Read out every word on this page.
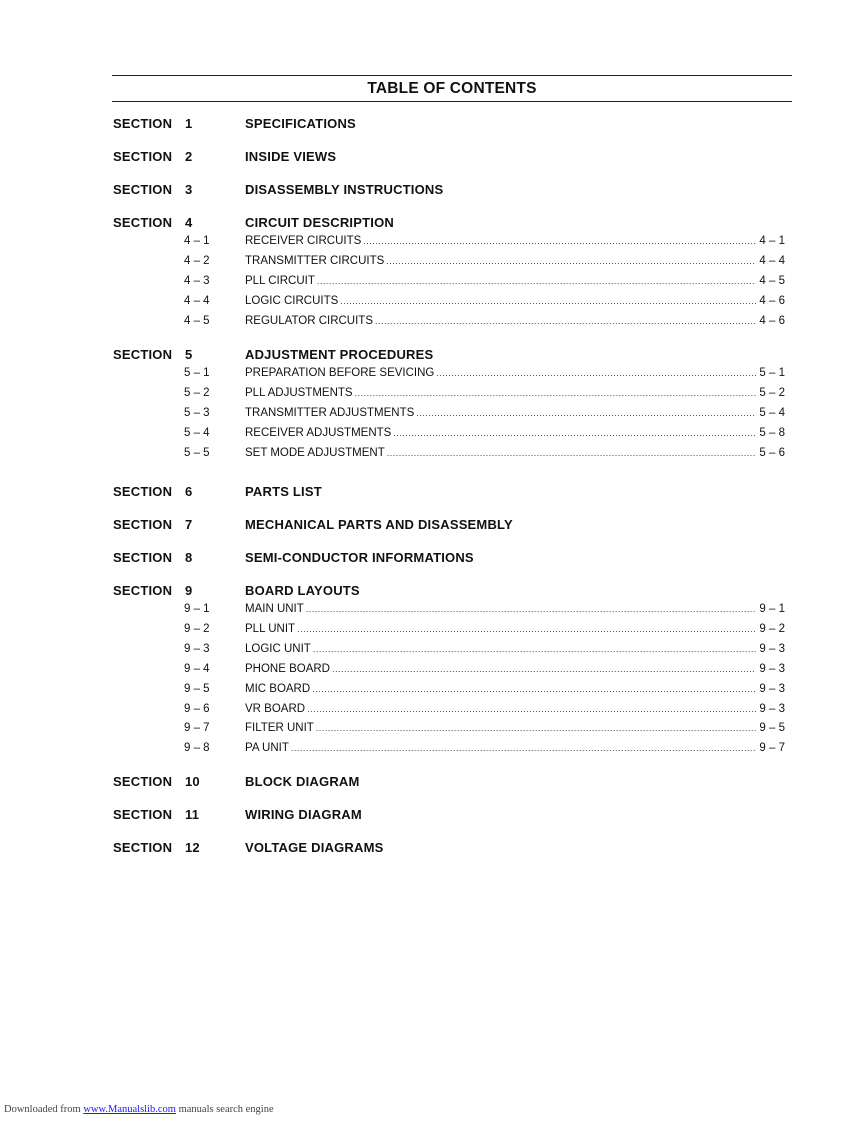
TABLE OF CONTENTS
SECTION 1	SPECIFICATIONS
SECTION 2	INSIDE VIEWS
SECTION 3	DISASSEMBLY INSTRUCTIONS
SECTION 4	CIRCUIT DESCRIPTION
4 – 1	RECEIVER CIRCUITS .....	4 – 1
4 – 2	TRANSMITTER CIRCUITS .....	4 – 4
4 – 3	PLL CIRCUIT .....	4 – 5
4 – 4	LOGIC CIRCUITS .....	4 – 6
4 – 5	REGULATOR CIRCUITS .....	4 – 6
SECTION 5	ADJUSTMENT PROCEDURES
5 – 1	PREPARATION BEFORE SEVICING .....	5 – 1
5 – 2	PLL ADJUSTMENTS .....	5 – 2
5 – 3	TRANSMITTER ADJUSTMENTS .....	5 – 4
5 – 4	RECEIVER ADJUSTMENTS .....	5 – 8
5 – 5	SET MODE ADJUSTMENT .....	5 – 6
SECTION 6	PARTS LIST
SECTION 7	MECHANICAL PARTS AND DISASSEMBLY
SECTION 8	SEMI-CONDUCTOR INFORMATIONS
SECTION 9	BOARD LAYOUTS
9 – 1	MAIN UNIT .....	9 – 1
9 – 2	PLL UNIT .....	9 – 2
9 – 3	LOGIC UNIT .....	9 – 3
9 – 4	PHONE BOARD .....	9 – 3
9 – 5	MIC BOARD .....	9 – 3
9 – 6	VR BOARD .....	9 – 3
9 – 7	FILTER UNIT .....	9 – 5
9 – 8	PA UNIT .....	9 – 7
SECTION 10	BLOCK DIAGRAM
SECTION 11	WIRING DIAGRAM
SECTION 12	VOLTAGE DIAGRAMS
Downloaded from www.Manualslib.com manuals search engine
